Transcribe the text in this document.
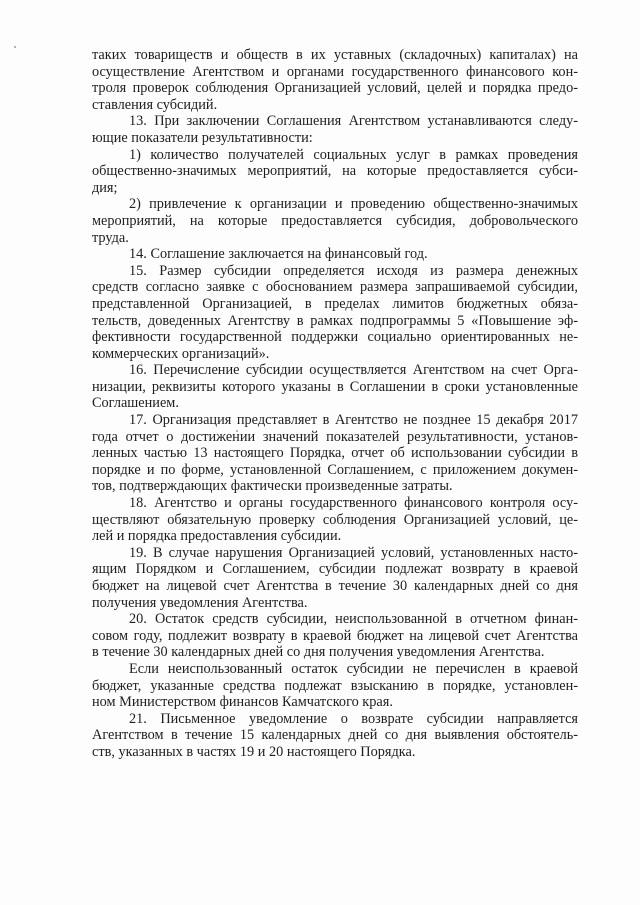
таких товариществ и обществ в их уставных (складочных) капиталах) на
осуществление Агентством и органами государственного финансового кон-
троля проверок соблюдения Организацией условий, целей и порядка предо-
ставления субсидий.
13. При заключении Соглашения Агентством устанавливаются следу-
ющие показатели результативности:
1) количество получателей социальных услуг в рамках проведения
общественно-значимых мероприятий, на которые предоставляется субси-
дия;
2) привлечение к организации и проведению общественно-значимых
мероприятий, на которые предоставляется субсидия, добровольческого
труда.
14. Соглашение заключается на финансовый год.
15. Размер субсидии определяется исходя из размера денежных
средств согласно заявке с обоснованием размера запрашиваемой субсидии,
представленной Организацией, в пределах лимитов бюджетных обяза-
тельств, доведенных Агентству в рамках подпрограммы 5 «Повышение эф-
фективности государственной поддержки социально ориентированных не-
коммерческих организаций».
16. Перечисление субсидии осуществляется Агентством на счет Орга-
низации, реквизиты которого указаны в Соглашении в сроки установленные
Соглашением.
17. Организация представляет в Агентство не позднее 15 декабря 2017
года отчет о достижении значений показателей результативности, установ-
ленных частью 13 настоящего Порядка, отчет об использовании субсидии в
порядке и по форме, установленной Соглашением, с приложением докумен-
тов, подтверждающих фактически произведенные затраты.
18. Агентство и органы государственного финансового контроля осу-
ществляют обязательную проверку соблюдения Организацией условий, це-
лей и порядка предоставления субсидии.
19. В случае нарушения Организацией условий, установленных насто-
ящим Порядком и Соглашением, субсидии подлежат возврату в краевой
бюджет на лицевой счет Агентства в течение 30 календарных дней со дня
получения уведомления Агентства.
20. Остаток средств субсидии, неиспользованной в отчетном финан-
совом году, подлежит возврату в краевой бюджет на лицевой счет Агентства
в течение 30 календарных дней со дня получения уведомления Агентства.
Если неиспользованный остаток субсидии не перечислен в краевой
бюджет, указанные средства подлежат взысканию в порядке, установлен-
ном Министерством финансов Камчатского края.
21. Письменное уведомление о возврате субсидии направляется
Агентством в течение 15 календарных дней со дня выявления обстоятель-
ств, указанных в частях 19 и 20 настоящего Порядка.
